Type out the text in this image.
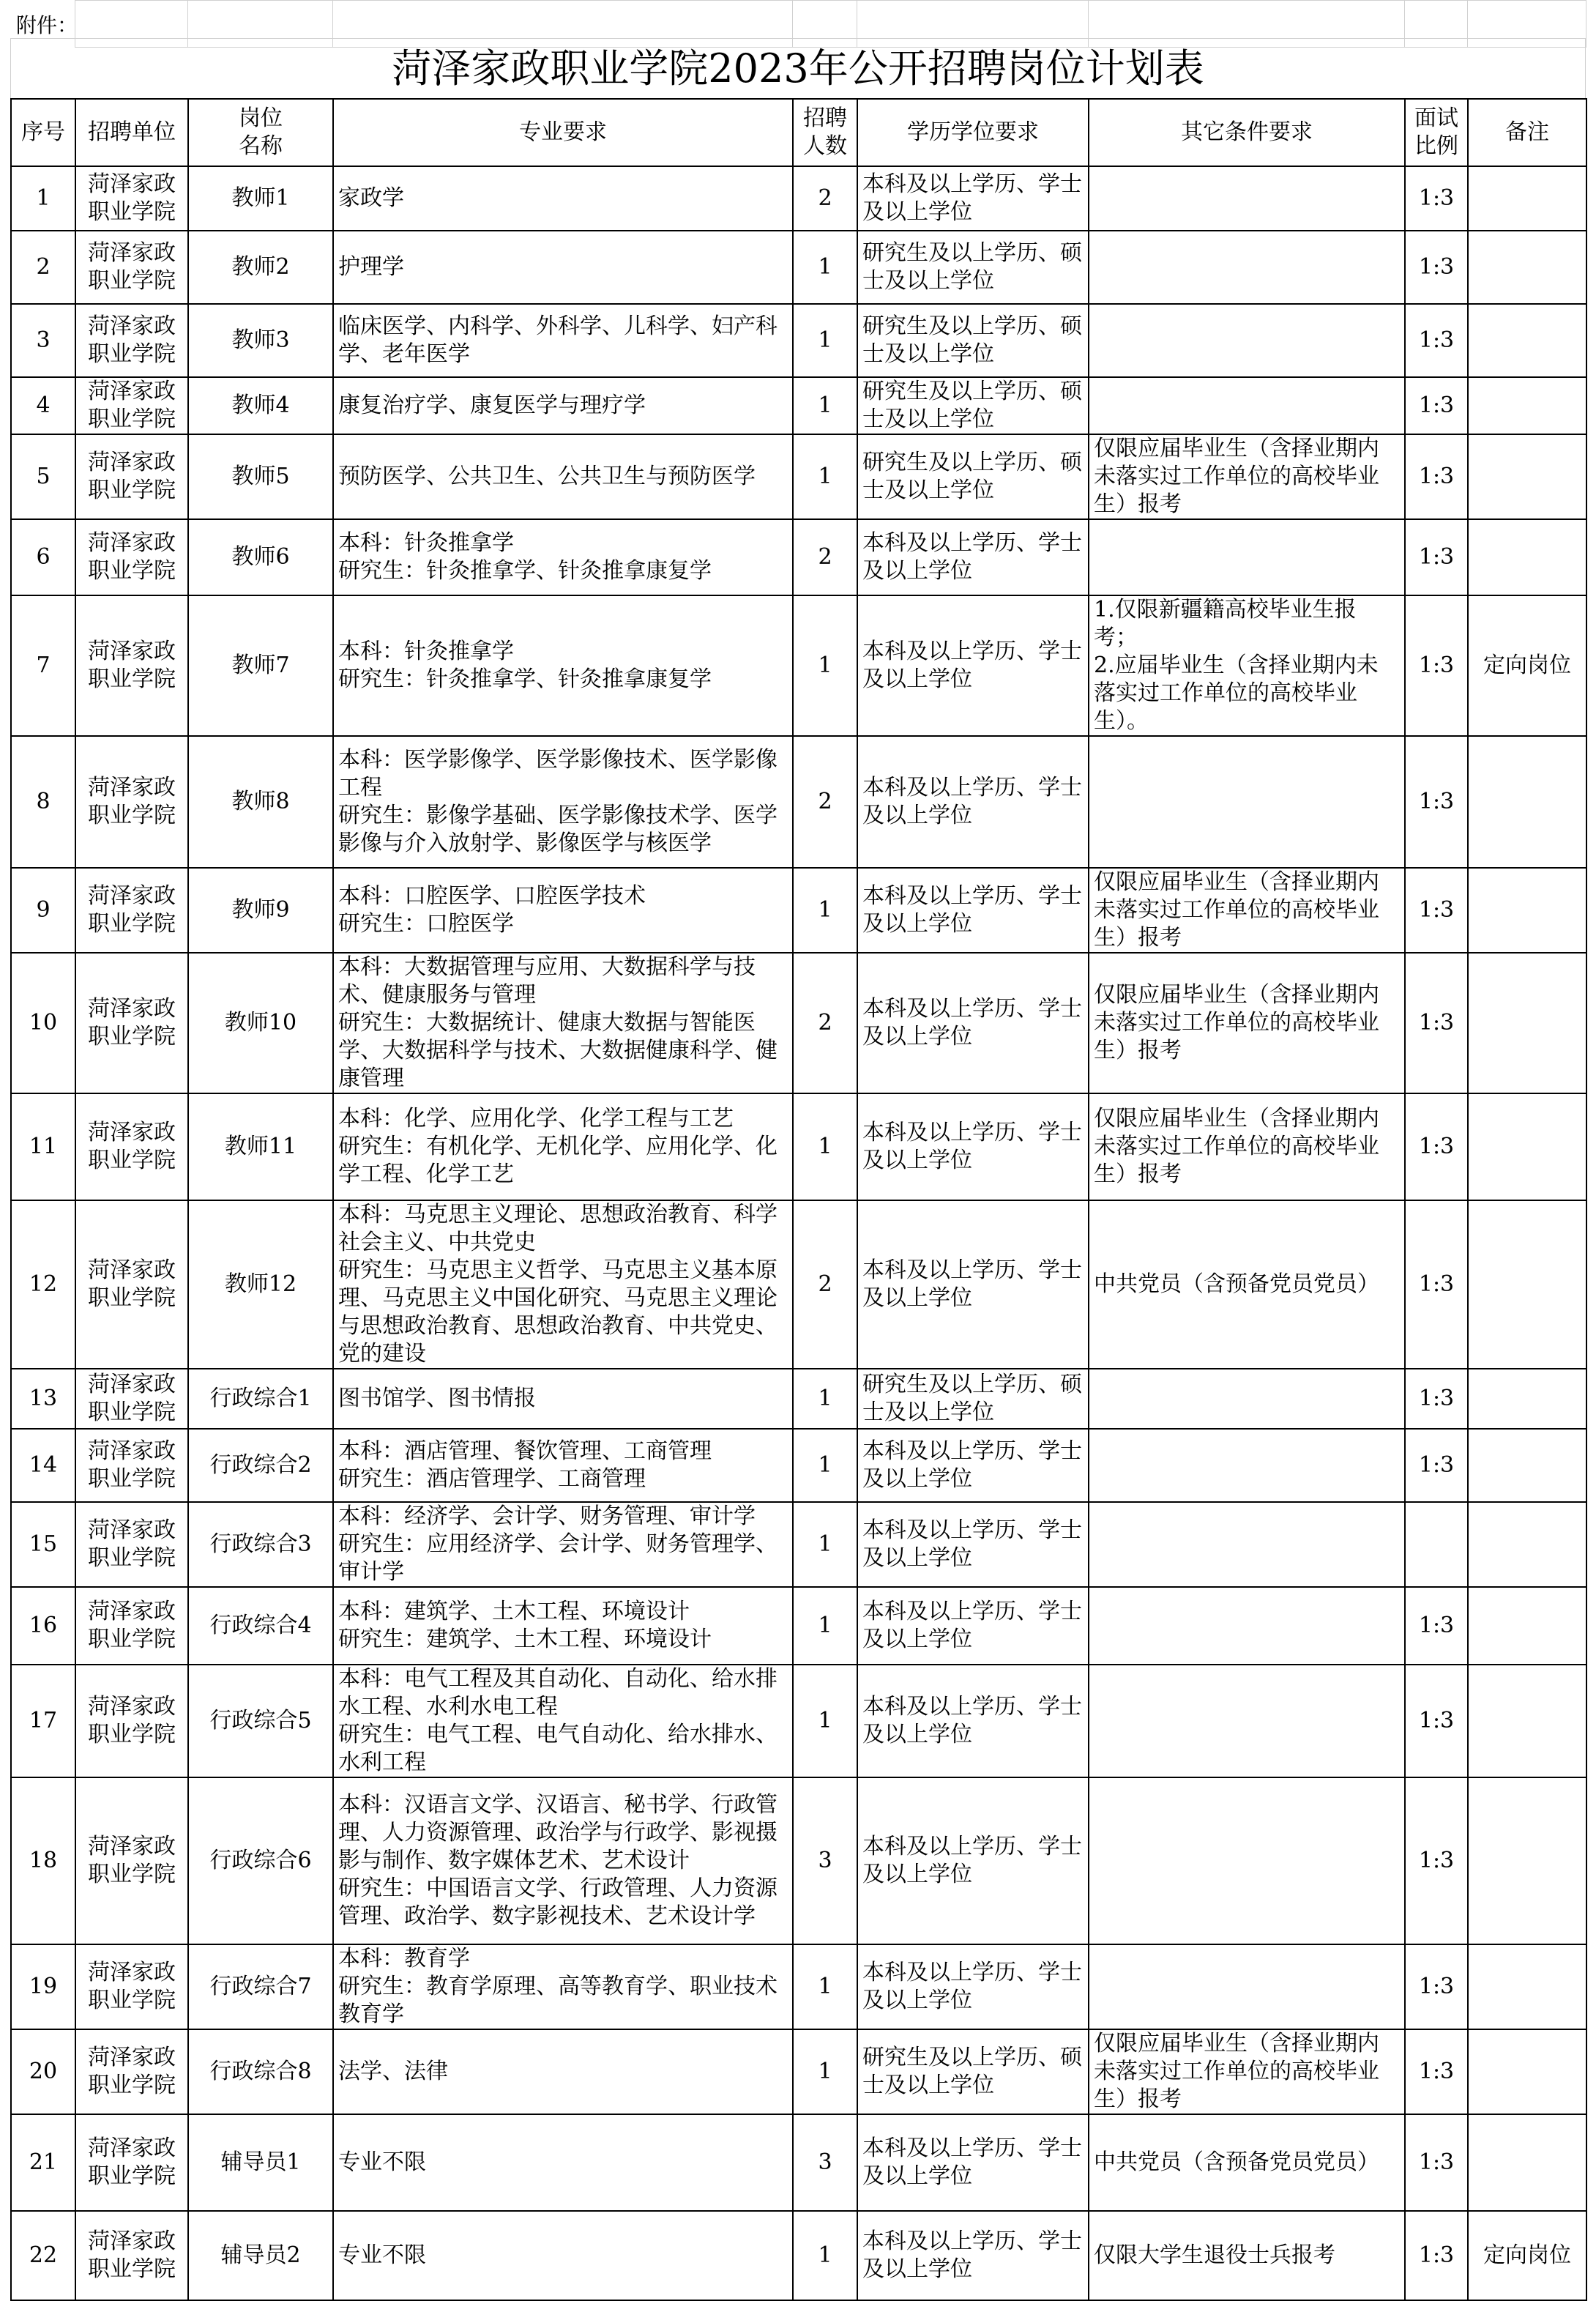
附件：								
菏泽家政职业学院2023年公开招聘岗位计划表
序号	招聘单位	岗位
名称	专业要求	招聘
人数	学历学位要求	其它条件要求	面试
比例	备注
1	菏泽家政职业学院	教师1	家政学	2	本科及以上学历、学士及以上学位		1:3	
2	菏泽家政职业学院	教师2	护理学	1	研究生及以上学历、硕士及以上学位		1:3	
3	菏泽家政职业学院	教师3	临床医学、内科学、外科学、儿科学、妇产科学、老年医学	1	研究生及以上学历、硕士及以上学位		1:3	
4	菏泽家政职业学院	教师4	康复治疗学、康复医学与理疗学	1	研究生及以上学历、硕士及以上学位		1:3	
5	菏泽家政职业学院	教师5	预防医学、公共卫生、公共卫生与预防医学	1	研究生及以上学历、硕士及以上学位	仅限应届毕业生（含择业期内未落实过工作单位的高校毕业生）报考	1:3	
6	菏泽家政职业学院	教师6	本科：针灸推拿学
研究生：针灸推拿学、针灸推拿康复学	2	本科及以上学历、学士及以上学位		1:3	
7	菏泽家政职业学院	教师7	本科：针灸推拿学
研究生：针灸推拿学、针灸推拿康复学	1	本科及以上学历、学士及以上学位	1.仅限新疆籍高校毕业生报考；
2.应届毕业生（含择业期内未落实过工作单位的高校毕业生）。	1:3	定向岗位
8	菏泽家政职业学院	教师8	本科：医学影像学、医学影像技术、医学影像工程
研究生：影像学基础、医学影像技术学、医学影像与介入放射学、影像医学与核医学	2	本科及以上学历、学士及以上学位		1:3	
9	菏泽家政职业学院	教师9	本科：口腔医学、口腔医学技术
研究生：口腔医学	1	本科及以上学历、学士及以上学位	仅限应届毕业生（含择业期内未落实过工作单位的高校毕业生）报考	1:3	
10	菏泽家政职业学院	教师10	本科：大数据管理与应用、大数据科学与技术、健康服务与管理
研究生：大数据统计、健康大数据与智能医学、大数据科学与技术、大数据健康科学、健康管理	2	本科及以上学历、学士及以上学位	仅限应届毕业生（含择业期内未落实过工作单位的高校毕业生）报考	1:3	
11	菏泽家政职业学院	教师11	本科：化学、应用化学、化学工程与工艺
研究生：有机化学、无机化学、应用化学、化学工程、化学工艺	1	本科及以上学历、学士及以上学位	仅限应届毕业生（含择业期内未落实过工作单位的高校毕业生）报考	1:3	
12	菏泽家政职业学院	教师12	本科：马克思主义理论、思想政治教育、科学社会主义、中共党史
研究生：马克思主义哲学、马克思主义基本原理、马克思主义中国化研究、马克思主义理论与思想政治教育、思想政治教育、中共党史、党的建设	2	本科及以上学历、学士及以上学位	中共党员（含预备党员党员）	1:3	
13	菏泽家政职业学院	行政综合1	图书馆学、图书情报	1	研究生及以上学历、硕士及以上学位		1:3	
14	菏泽家政职业学院	行政综合2	本科：酒店管理、餐饮管理、工商管理
研究生：酒店管理学、工商管理	1	本科及以上学历、学士及以上学位		1:3	
15	菏泽家政职业学院	行政综合3	本科：经济学、会计学、财务管理、审计学
研究生：应用经济学、会计学、财务管理学、审计学	1	本科及以上学历、学士及以上学位			
16	菏泽家政职业学院	行政综合4	本科：建筑学、土木工程、环境设计
研究生：建筑学、土木工程、环境设计	1	本科及以上学历、学士及以上学位		1:3	
17	菏泽家政职业学院	行政综合5	本科：电气工程及其自动化、自动化、给水排水工程、水利水电工程
研究生：电气工程、电气自动化、给水排水、水利工程	1	本科及以上学历、学士及以上学位		1:3	
18	菏泽家政职业学院	行政综合6	本科：汉语言文学、汉语言、秘书学、行政管理、人力资源管理、政治学与行政学、影视摄影与制作、数字媒体艺术、艺术设计
研究生：中国语言文学、行政管理、人力资源管理、政治学、数字影视技术、艺术设计学	3	本科及以上学历、学士及以上学位		1:3	
19	菏泽家政职业学院	行政综合7	本科：教育学
研究生：教育学原理、高等教育学、职业技术教育学	1	本科及以上学历、学士及以上学位		1:3	
20	菏泽家政职业学院	行政综合8	法学、法律	1	研究生及以上学历、硕士及以上学位	仅限应届毕业生（含择业期内未落实过工作单位的高校毕业生）报考	1:3	
21	菏泽家政职业学院	辅导员1	专业不限	3	本科及以上学历、学士及以上学位	中共党员（含预备党员党员）	1:3	
22	菏泽家政职业学院	辅导员2	专业不限	1	本科及以上学历、学士及以上学位	仅限大学生退役士兵报考	1:3	定向岗位
